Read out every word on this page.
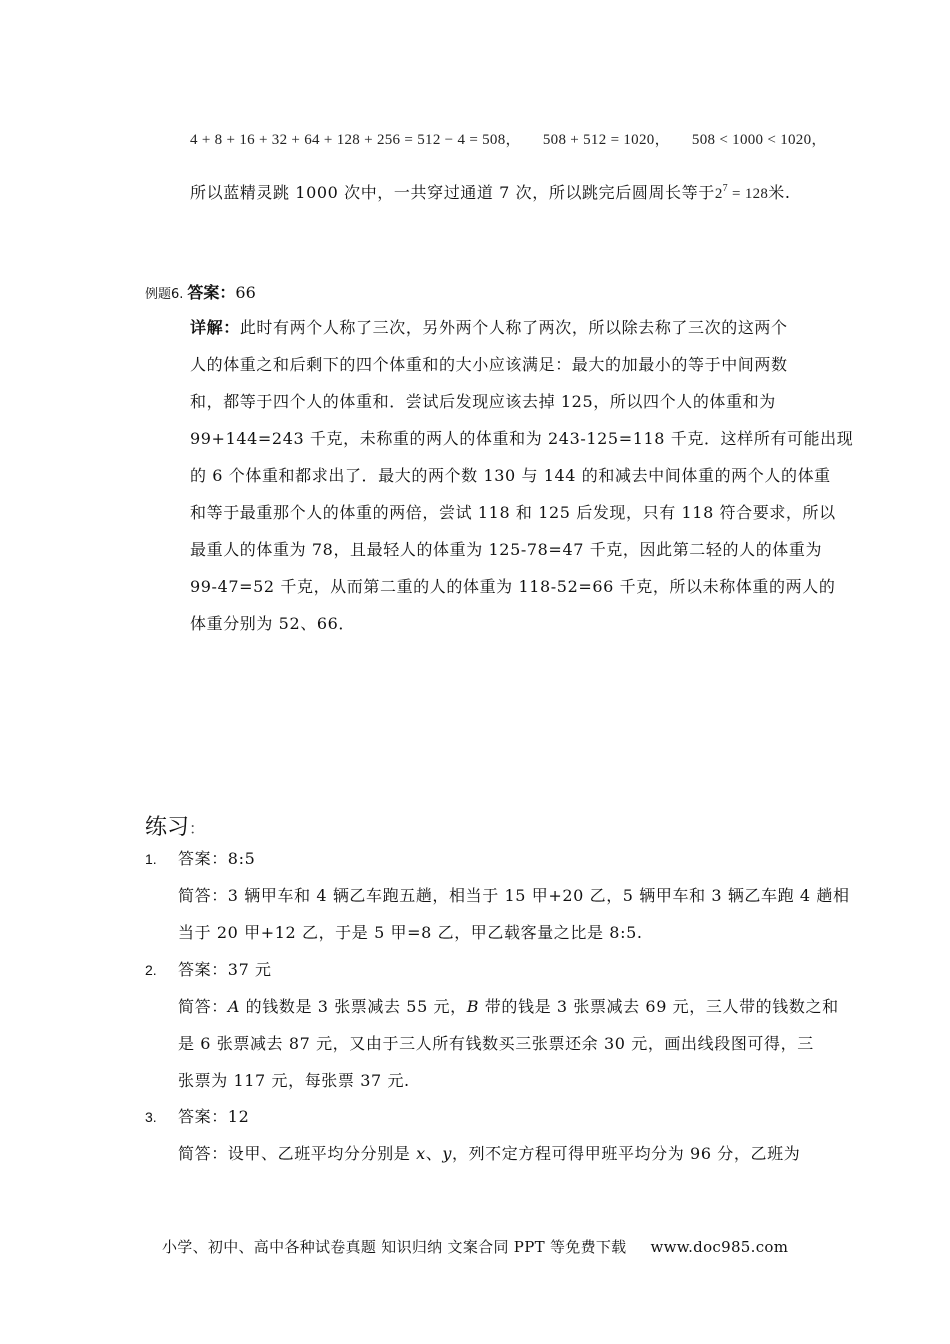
4 + 8 + 16 + 32 + 64 + 128 + 256 = 512 − 4 = 508， 508 + 512 = 1020， 508 < 1000 < 1020，
所以蓝精灵跳 1000 次中，一共穿过通道 7 次，所以跳完后圆周长等于$2^7 = 128$米.
例题6. 答案：66
详解：此时有两个人称了三次，另外两个人称了两次，所以除去称了三次的这两个
人的体重之和后剩下的四个体重和的大小应该满足：最大的加最小的等于中间两数
和，都等于四个人的体重和．尝试后发现应该去掉 125，所以四个人的体重和为
99+144=243 千克，未称重的两人的体重和为 243-125=118 千克．这样所有可能出现
的 6 个体重和都求出了．最大的两个数 130 与 144 的和减去中间体重的两个人的体重
和等于最重那个人的体重的两倍，尝试 118 和 125 后发现，只有 118 符合要求，所以
最重人的体重为 78，且最轻人的体重为 125-78=47 千克，因此第二轻的人的体重为
99-47=52 千克，从而第二重的人的体重为 118-52=66 千克，所以未称体重的两人的
体重分别为 52、66．
练习：
1. 答案：8:5
简答：3 辆甲车和 4 辆乙车跑五趟，相当于 15 甲+20 乙，5 辆甲车和 3 辆乙车跑 4 趟相
当于 20 甲+12 乙，于是 5 甲=8 乙，甲乙载客量之比是 8:5.
2. 答案：37 元
简答：A 的钱数是 3 张票减去 55 元，B 带的钱是 3 张票减去 69 元，三人带的钱数之和
是 6 张票减去 87 元，又由于三人所有钱数买三张票还余 30 元，画出线段图可得，三
张票为 117 元，每张票 37 元.
3. 答案：12
简答：设甲、乙班平均分分别是 x、y，列不定方程可得甲班平均分为 96 分，乙班为
小学、初中、高中各种试卷真题 知识归纳 文案合同 PPT 等免费下载 www.doc985.com
